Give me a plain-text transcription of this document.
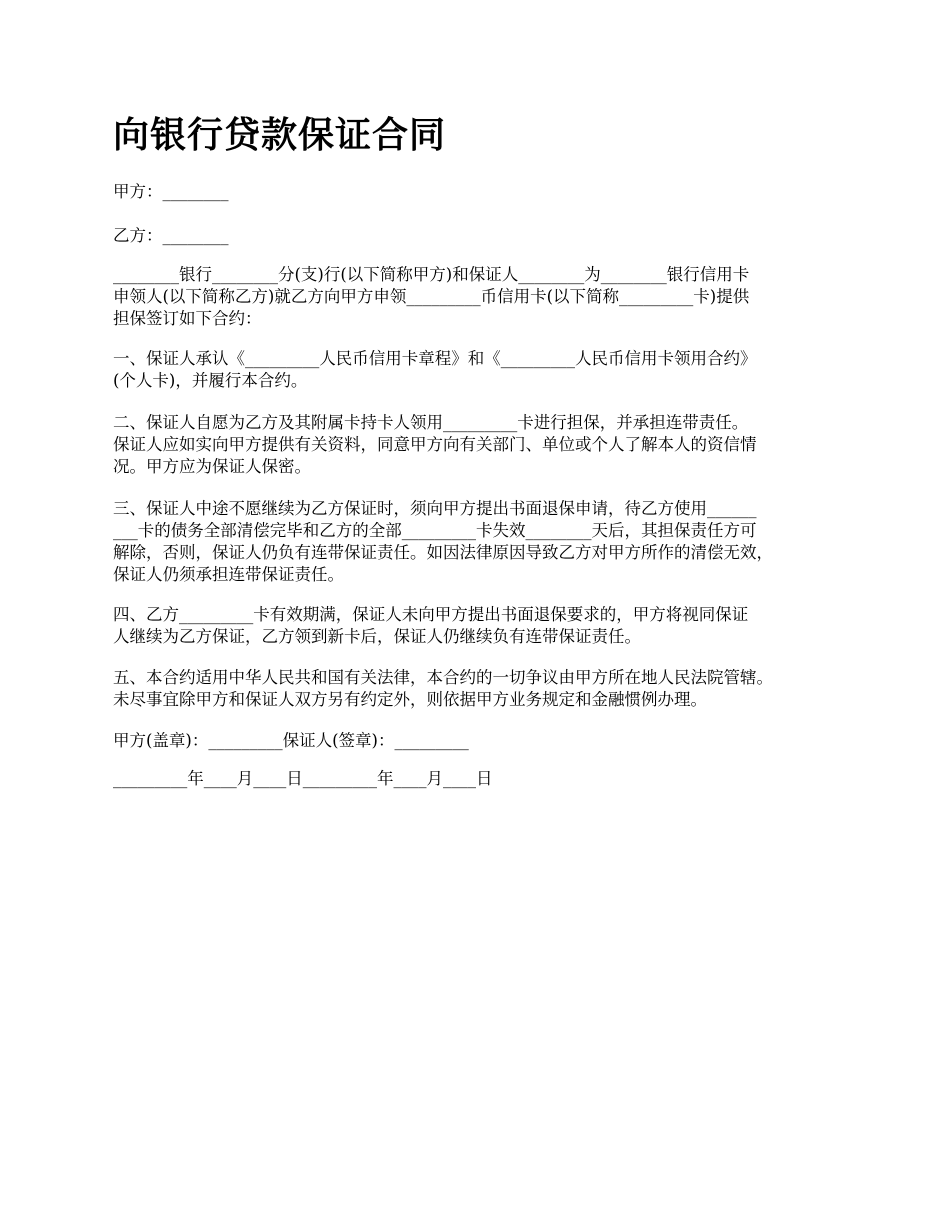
向银行贷款保证合同

甲方：________

乙方：________

________银行________分(支)行(以下简称甲方)和保证人________为________银行信用卡
申领人(以下简称乙方)就乙方向甲方申领_________币信用卡(以下简称_________卡)提供
担保签订如下合约：
一、保证人承认《_________人民币信用卡章程》和《_________人民币信用卡领用合约》
(个人卡)，并履行本合约。
二、保证人自愿为乙方及其附属卡持卡人领用_________卡进行担保，并承担连带责任。
保证人应如实向甲方提供有关资料，同意甲方向有关部门、单位或个人了解本人的资信情
况。甲方应为保证人保密。
三、保证人中途不愿继续为乙方保证时，须向甲方提出书面退保申请，待乙方使用______
___卡的债务全部清偿完毕和乙方的全部_________卡失效________天后，其担保责任方可
解除，否则，保证人仍负有连带保证责任。如因法律原因导致乙方对甲方所作的清偿无效，
保证人仍须承担连带保证责任。
四、乙方_________卡有效期满，保证人未向甲方提出书面退保要求的，甲方将视同保证
人继续为乙方保证，乙方领到新卡后，保证人仍继续负有连带保证责任。
五、本合约适用中华人民共和国有关法律，本合约的一切争议由甲方所在地人民法院管辖。
未尽事宜除甲方和保证人双方另有约定外，则依据甲方业务规定和金融惯例办理。

甲方(盖章)：_________保证人(签章)：_________

_________年____月____日_________年____月____日
